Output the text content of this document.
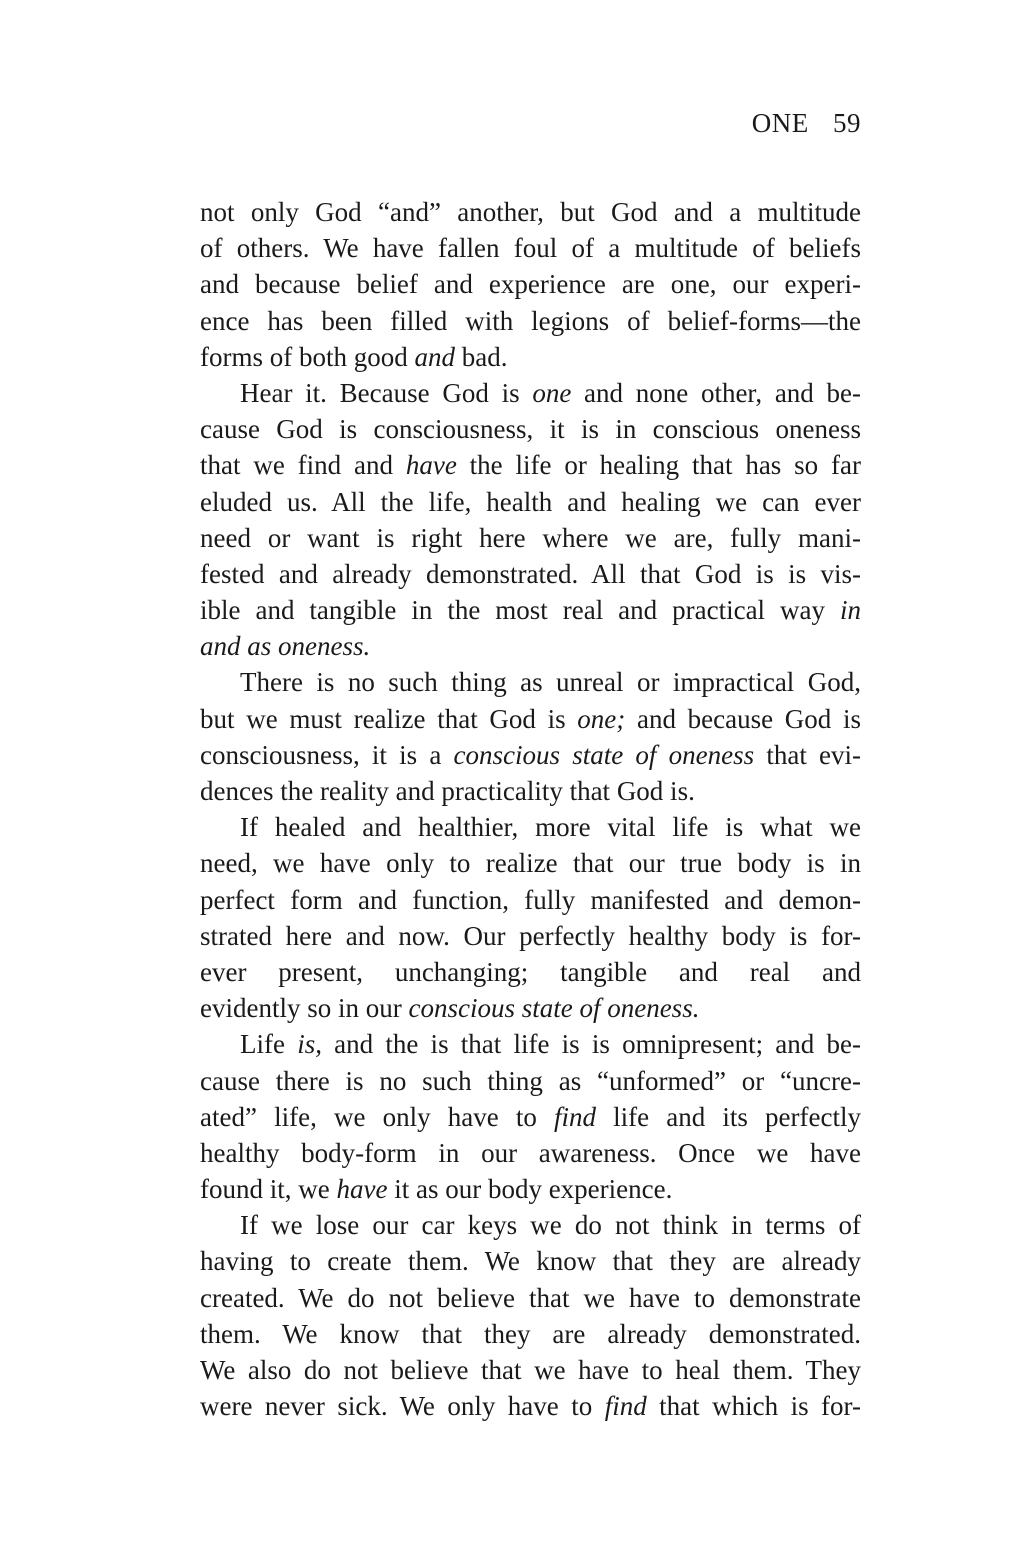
ONE 59
not only God “and” another, but God and a multitude
of others. We have fallen foul of a multitude of beliefs
and because belief and experience are one, our experi-
ence has been filled with legions of belief-forms—the
forms of both good and bad.
Hear it. Because God is one and none other, and be-
cause God is consciousness, it is in conscious oneness
that we find and have the life or healing that has so far
eluded us. All the life, health and healing we can ever
need or want is right here where we are, fully mani-
fested and already demonstrated. All that God is is vis-
ible and tangible in the most real and practical way in
and as oneness.
There is no such thing as unreal or impractical God,
but we must realize that God is one; and because God is
consciousness, it is a conscious state of oneness that evi-
dences the reality and practicality that God is.
If healed and healthier, more vital life is what we
need, we have only to realize that our true body is in
perfect form and function, fully manifested and demon-
strated here and now. Our perfectly healthy body is for-
ever present, unchanging; tangible and real and
evidently so in our conscious state of oneness.
Life is, and the is that life is is omnipresent; and be-
cause there is no such thing as “unformed” or “uncre-
ated” life, we only have to find life and its perfectly
healthy body-form in our awareness. Once we have
found it, we have it as our body experience.
If we lose our car keys we do not think in terms of
having to create them. We know that they are already
created. We do not believe that we have to demonstrate
them. We know that they are already demonstrated.
We also do not believe that we have to heal them. They
were never sick. We only have to find that which is for-
